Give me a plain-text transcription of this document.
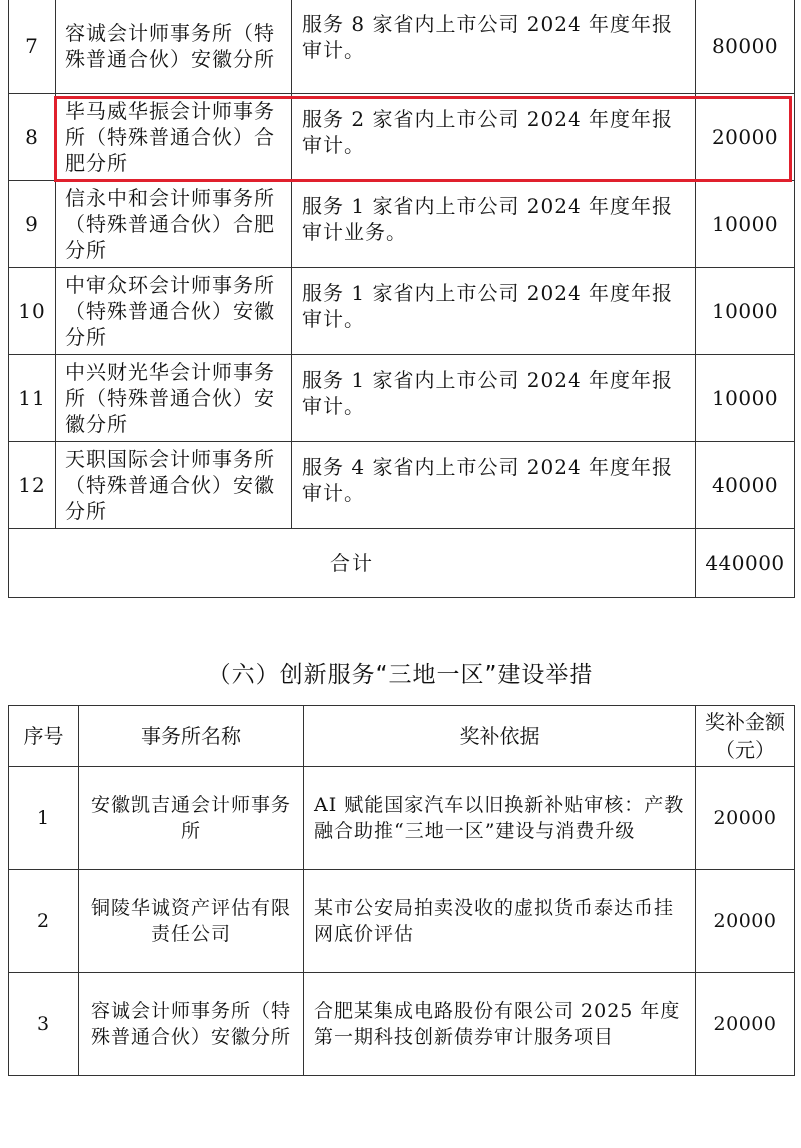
7	容诚会计师事务所（特殊普通合伙）安徽分所	服务 8 家省内上市公司 2024 年度年报审计。	80000
8	毕马威华振会计师事务所（特殊普通合伙）合肥分所	服务 2 家省内上市公司 2024 年度年报审计。	20000
9	信永中和会计师事务所（特殊普通合伙）合肥分所	服务 1 家省内上市公司 2024 年度年报审计业务。	10000
10	中审众环会计师事务所（特殊普通合伙）安徽分所	服务 1 家省内上市公司 2024 年度年报审计。	10000
11	中兴财光华会计师事务所（特殊普通合伙）安徽分所	服务 1 家省内上市公司 2024 年度年报审计。	10000
12	天职国际会计师事务所（特殊普通合伙）安徽分所	服务 4 家省内上市公司 2024 年度年报审计。	40000
合计			440000
（六）创新服务“三地一区”建设举措
序号	事务所名称	奖补依据	奖补金额（元）
1	安徽凯吉通会计师事务所	AI 赋能国家汽车以旧换新补贴审核：产教融合助推“三地一区”建设与消费升级	20000
2	铜陵华诚资产评估有限责任公司	某市公安局拍卖没收的虚拟货币泰达币挂网底价评估	20000
3	容诚会计师事务所（特殊普通合伙）安徽分所	合肥某集成电路股份有限公司 2025 年度第一期科技创新债券审计服务项目	20000
